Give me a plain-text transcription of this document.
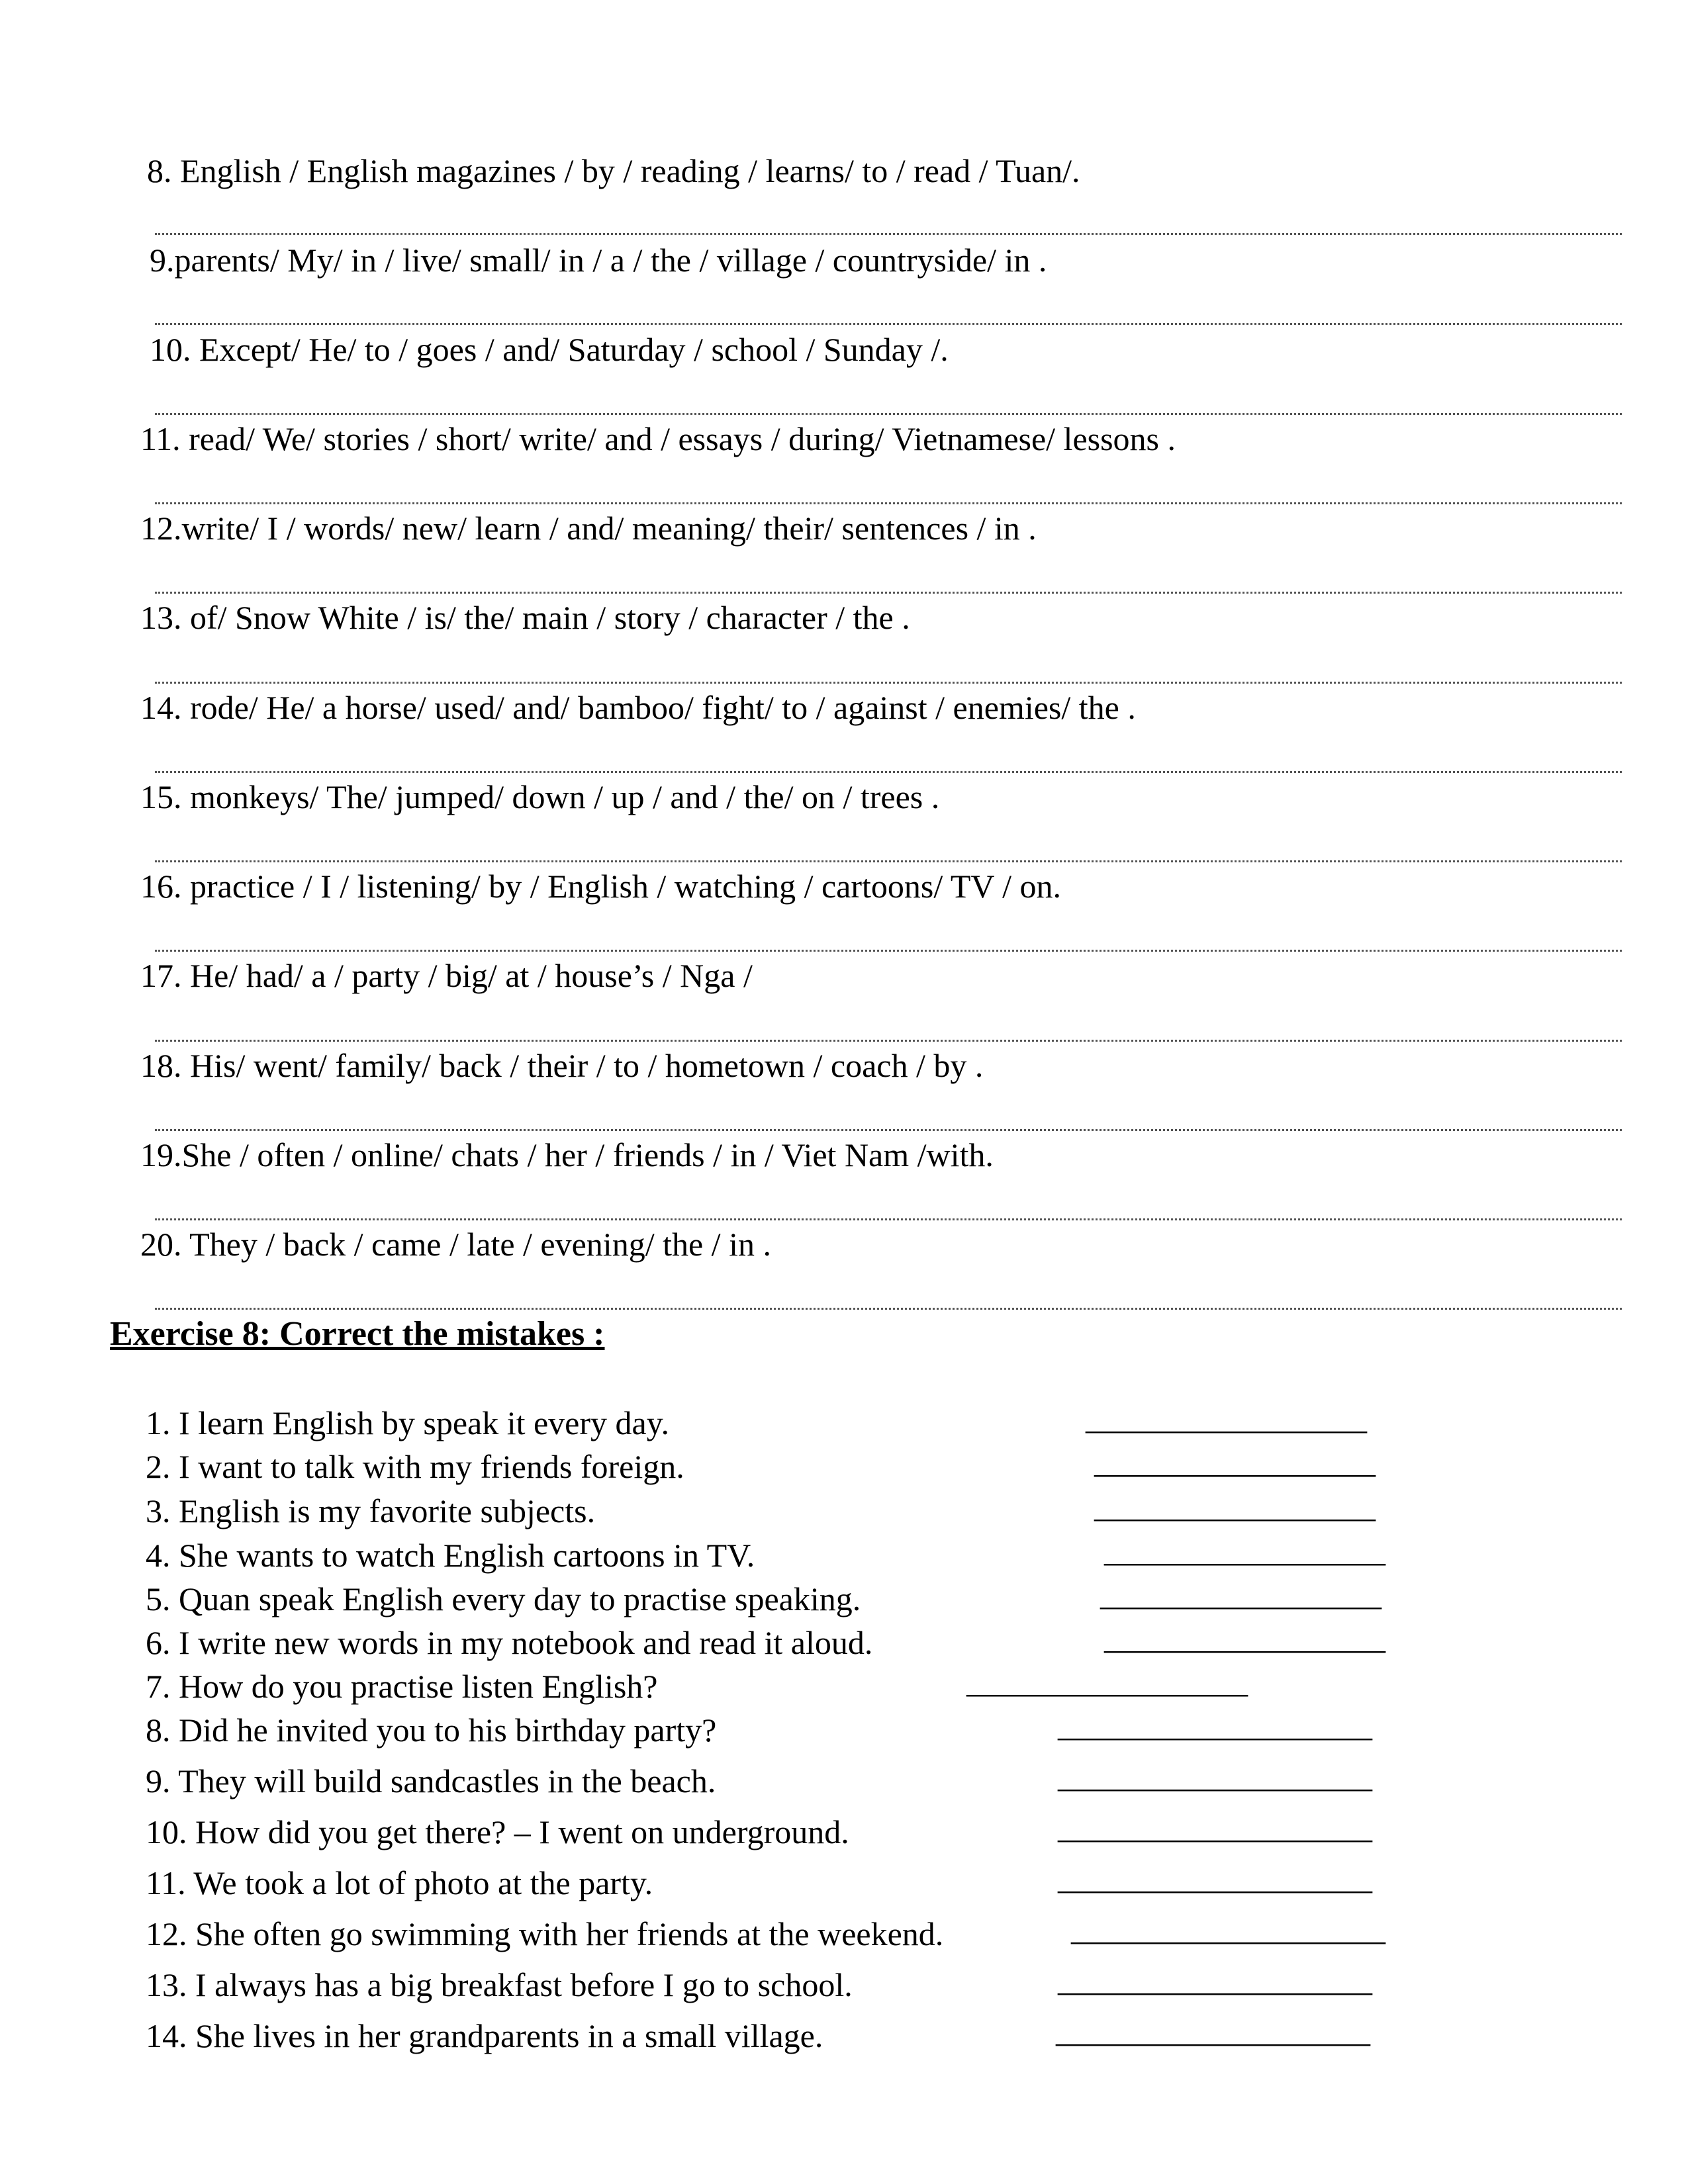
8. English / English magazines / by / reading / learns/ to / read / Tuan/.
9.parents/ My/ in / live/ small/ in / a / the / village / countryside/ in .
10. Except/ He/ to / goes / and/ Saturday / school / Sunday /.
11. read/ We/ stories / short/ write/ and / essays / during/ Vietnamese/ lessons .
12.write/ I / words/ new/ learn / and/ meaning/ their/ sentences / in .
13. of/ Snow White / is/ the/ main / story / character / the .
14. rode/ He/ a horse/ used/ and/ bamboo/ fight/ to / against / enemies/ the .
15. monkeys/ The/ jumped/ down / up / and / the/ on / trees .
16. practice / I / listening/ by / English / watching / cartoons/ TV / on.
17. He/ had/ a / party / big/ at / house’s / Nga /
18. His/ went/ family/ back / their / to / hometown / coach / by .
19.She / often / online/ chats / her / friends / in / Viet Nam /with.
20. They / back / came / late / evening/ the / in .
Exercise 8: Correct the mistakes :
1. I learn English by speak it every day.	_________________
2. I want to talk with my friends foreign.	_________________
3. English is my favorite subjects.	_________________
4. She wants to watch English cartoons in TV.	_________________
5. Quan speak English every day to practise speaking.	_________________
6. I write new words in my notebook and read it aloud.	_________________
7. How do you practise listen English?	_________________
8. Did he invited you to his birthday party?	___________________
9. They will build sandcastles in the beach.	___________________
10. How did you get there? – I went on underground.	___________________
11. We took a lot of photo at the party.	___________________
12. She often go swimming with her friends at the weekend.	___________________
13. I always has a big breakfast before I go to school.	___________________
14. She lives in her grandparents in a small village.	___________________
